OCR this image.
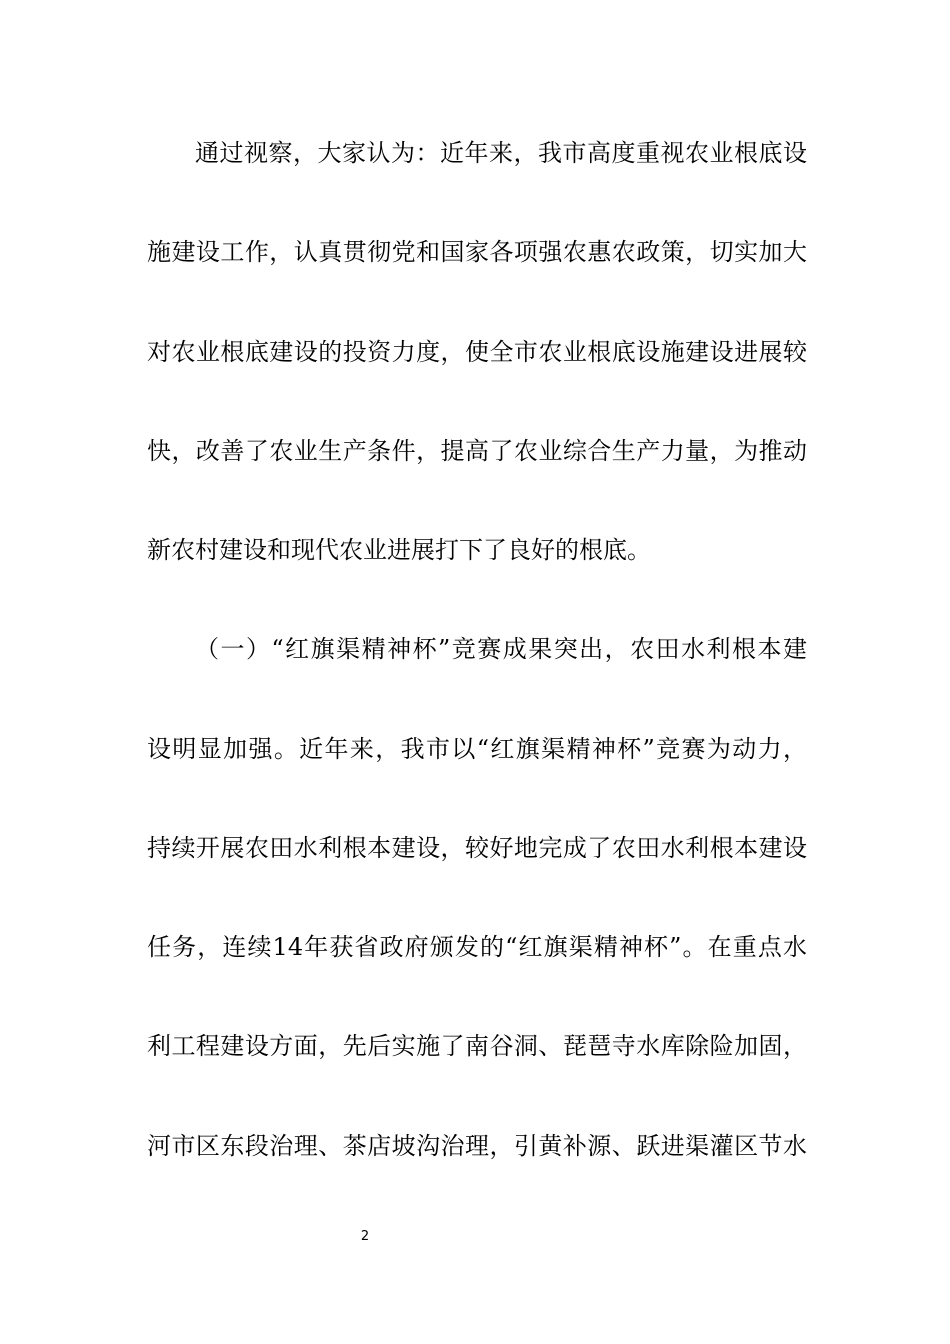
通过视察，大家认为：近年来，我市高度重视农业根底设
施建设工作，认真贯彻党和国家各项强农惠农政策，切实加大
对农业根底建设的投资力度，使全市农业根底设施建设进展较
快，改善了农业生产条件，提高了农业综合生产力量，为推动
新农村建设和现代农业进展打下了良好的根底。
（一）“红旗渠精神杯”竞赛成果突出，农田水利根本建
设明显加强。近年来，我市以“红旗渠精神杯”竞赛为动力，
持续开展农田水利根本建设，较好地完成了农田水利根本建设
任务，连续14年获省政府颁发的“红旗渠精神杯”。在重点水
利工程建设方面，先后实施了南谷洞、琵琶寺水库除险加固，
河市区东段治理、茶店坡沟治理，引黄补源、跃进渠灌区节水
2
